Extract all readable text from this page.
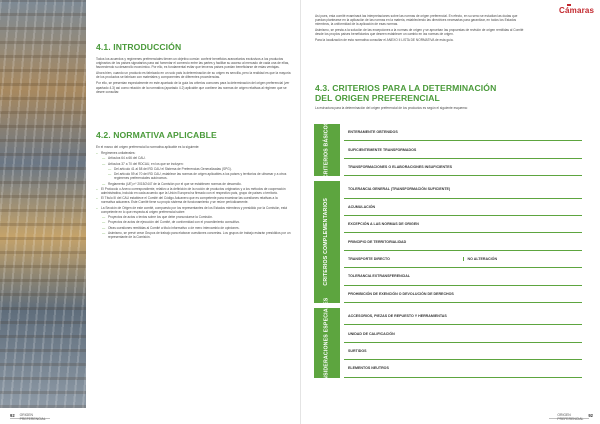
4.1. INTRODUCCIÓN

Todos los acuerdos y regímenes preferenciales tienen un objetivo común: conferir beneficios arancelarios exclusivos a los productos originarios de los países signatarios para así fomentar el comercio entre las partes y facilitar su acceso al mercado de cada una de ellas, favoreciendo su desarrollo económico. Por ello, es fundamental evitar que terceros países puedan beneficiarse de estas ventajas.

Ahora bien, cuando un producto es fabricado en un solo país la determinación de su origen es sencilla, pero la realidad es que la mayoría de los productos se fabrican con materiales y componentes de diferentes procedencias.

Por ello, se presentan especialmente en este apartado de la guía los criterios comunes para la determinación del origen preferencial (ver apartado 4.3) así como relación de la normativa (apartado 4.2) aplicable que contiene las normas de origen relativas al régimen que se desee consultar.

4.2. NORMATIVA APLICABLE

En el marco del origen preferencial la normativa aplicable es la siguiente:

– Regímenes unilaterales:

— Artículos 64 a 66 del CAU.

— Artículos 37 a 70 del RDCAU, en los que se incluyen:

— Del artículo 41 al 58 del RD CAU el Sistema de Preferencias Generalizadas (SPG).

— Del artículo 59 al 70 del RD CAU, establece las normas de origen aplicables a los países y territorios de ultramar y a otros regímenes preferenciales autónomos.

— Reglamento (UE) nº 2015/2447 de la Comisión por el que se establecen normas de desarrollo.

– El Protocolo o Anexo correspondiente, relativo a la definición de la noción de productos originarios y a los métodos de cooperación administrativa, incluido en cada acuerdo que la Unión Europea ha firmado con el respectivo país, grupo de países o territorio.

– El Título III del CAU establece el Comité del Código Aduanero que es competente para examinar las cuestiones relativas a la normativa aduanera. Este Comité tiene su propio sistema de funcionamiento y se reúne periódicamente.

– La Sección de Origen de este comité, compuesto por los representantes de los Estados miembros y presidido por la Comisión, está competente en lo que respecta al origen preferencial sobre:

— Proyectos de actos o textos sobre los que debe pronunciarse la Comisión.

— Proyectos de actos de ejecución del Comité, de conformidad con el procedimiento consultivo.

— Otras cuestiones remitidas al Comité a título informativo o de mero intercambio de opiniones.

— Asimismo, se prevé crear Grupos de trabajo para elaborar cuestiones concretas. Los grupos de trabajo estarán presididos por un representante de la Comisión.

92 ORIGEN
PREFERENCIAL
Cámaras

Así pues, esta comité examinará las interpretaciones sobre las normas de origen preferencial. En efecto, en su seno se estudian las dudas que puedan plantearse en la aplicación de las normas en la materia, estableciendo las directrices necesarias para garantizar, en todos los Estados miembros, la uniformidad de la aplicación de esas normas.

Asimismo, se presta a la solución de las excepciones a la normas de origen y se aprueban las propuestas de revisión de origen remitidas al Comité desde los propios países beneficiarios que deseen establecer un cambio en las normas de origen.

Para la localización de esta normativa consultar el ANEXO II LISTA DE NORMATIVA de esta guía.

4.3. CRITERIOS PARA LA DETERMINACIÓN DEL ORIGEN PREFERENCIAL

La estructura para la determinación del origen preferencial de los productos es según el siguiente esquema:

ORIGEN
PREFERENCIAL
92
CRITERIOS BÁSICOS	ENTERAMENTE OBTENIDOS
SUFICIENTEMENTE TRANSFORMADOS
TRANSFORMACIONES O ELABORACIONES INSUFICIENTES
CRITERIOS COMPLEMENTARIOS
TOLERANCIA GENERAL (TRANSFORMACIÓN SUFICIENTE)
ACUMULACIÓN
EXCEPCIÓN A LAS NORMAS DE ORIGEN
PRINCIPIO DE TERRITORIALIDAD
TRANSPORTE DIRECTO	NO ALTERACIÓN
TOLERANCIA EXTRANSFERENCIAL
PROHIBICIÓN DE EXENCIÓN O DEVOLUCIÓN DE DERECHOS
CONSIDERACIONES ESPECIALES	ACCESORIOS, PIEZAS DE REPUESTO Y HERRAMIENTAS
UNIDAD DE CALIFICACIÓN
SURTIDOS
ELEMENTOS NEUTROS
